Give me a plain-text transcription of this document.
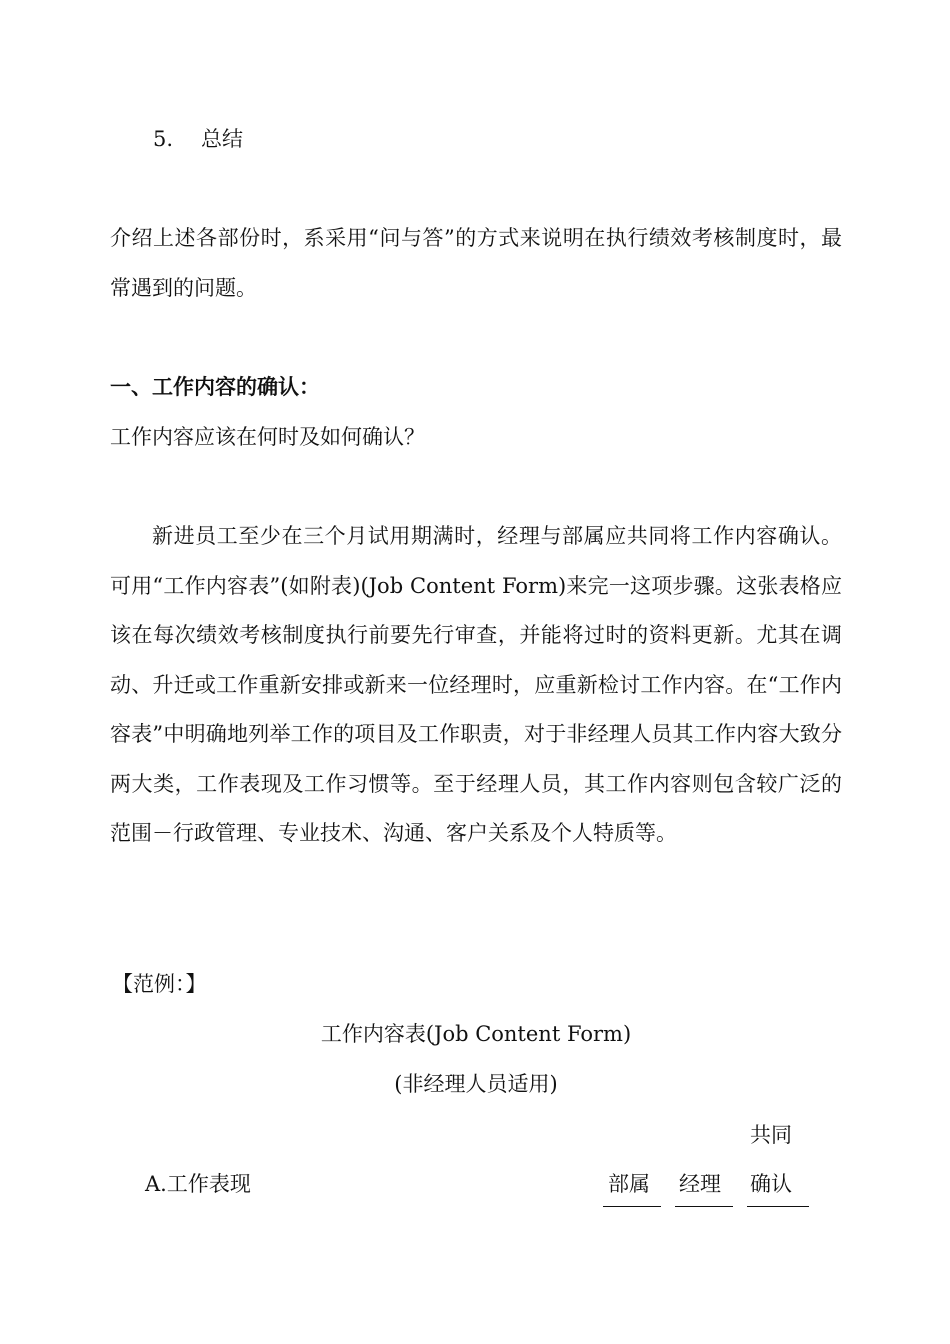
5. 总结
介绍上述各部份时，系采用“问与答”的方式来说明在执行绩效考核制度时，最常遇到的问题。
一、工作内容的确认：
工作内容应该在何时及如何确认？
新进员工至少在三个月试用期满时，经理与部属应共同将工作内容确认。可用“工作内容表”(如附表)(Job Content Form)来完一这项步骤。这张表格应该在每次绩效考核制度执行前要先行审查，并能将过时的资料更新。尤其在调动、升迁或工作重新安排或新来一位经理时，应重新检讨工作内容。在“工作内容表”中明确地列举工作的项目及工作职责，对于非经理人员其工作内容大致分两大类，工作表现及工作习惯等。至于经理人员，其工作内容则包含较广泛的范围－行政管理、专业技术、沟通、客户关系及个人特质等。
【范例：】
工作内容表(Job Content Form)
(非经理人员适用)
共同
A.工作表现	部属 经理 确认
